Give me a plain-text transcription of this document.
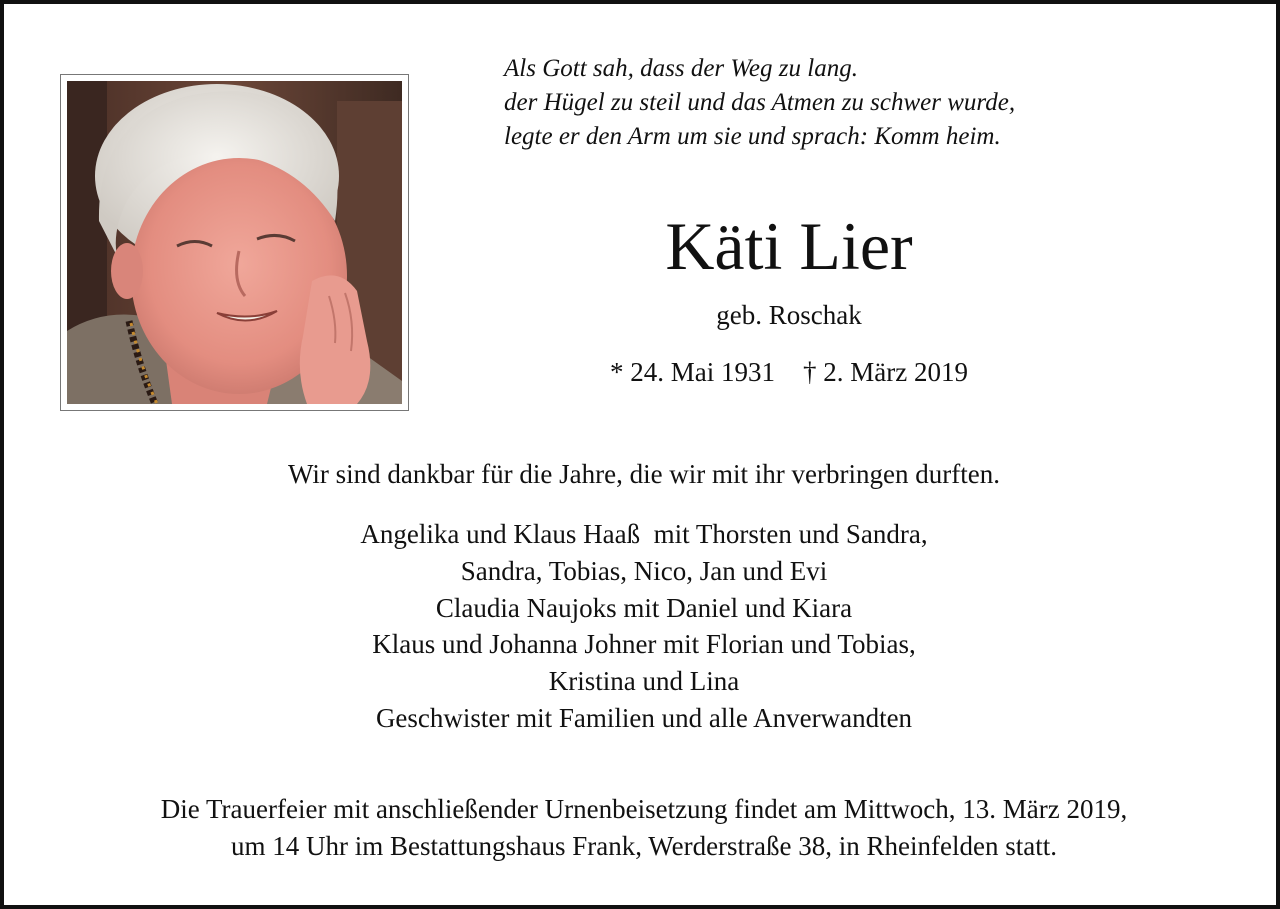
Als Gott sah, dass der Weg zu lang.
der Hügel zu steil und das Atmen zu schwer wurde,
legte er den Arm um sie und sprach: Komm heim.
Käti Lier
geb. Roschak
* 24. Mai 1931 † 2. März 2019
Wir sind dankbar für die Jahre, die wir mit ihr verbringen durften.
Angelika und Klaus Haaß  mit Thorsten und Sandra,
Sandra, Tobias, Nico, Jan und Evi
Claudia Naujoks mit Daniel und Kiara
Klaus und Johanna Johner mit Florian und Tobias,
Kristina und Lina
Geschwister mit Familien und alle Anverwandten
Die Trauerfeier mit anschließender Urnenbeisetzung findet am Mittwoch, 13. März 2019,
um 14 Uhr im Bestattungshaus Frank, Werderstraße 38, in Rheinfelden statt.
